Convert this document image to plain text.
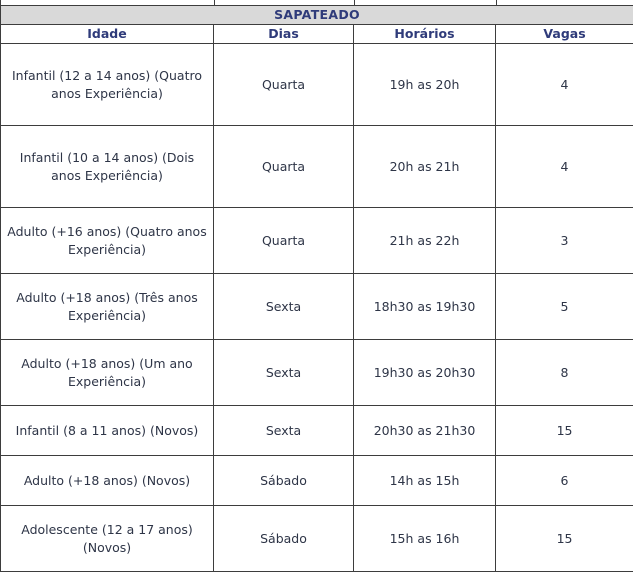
SAPATEADO			
Idade	Dias	Horários	Vagas
Infantil (12 a 14 anos) (Quatro anos Experiência)	Quarta	19h as 20h	4
Infantil (10 a 14 anos) (Dois anos Experiência)	Quarta	20h as 21h	4
Adulto (+16 anos) (Quatro anos Experiência)	Quarta	21h as 22h	3
Adulto (+18 anos) (Três anos Experiência)	Sexta	18h30 as 19h30	5
Adulto (+18 anos) (Um ano Experiência)	Sexta	19h30 as 20h30	8
Infantil (8 a 11 anos) (Novos)	Sexta	20h30 as 21h30	15
Adulto (+18 anos) (Novos)	Sábado	14h as 15h	6
Adolescente (12 a 17 anos) (Novos)	Sábado	15h as 16h	15
